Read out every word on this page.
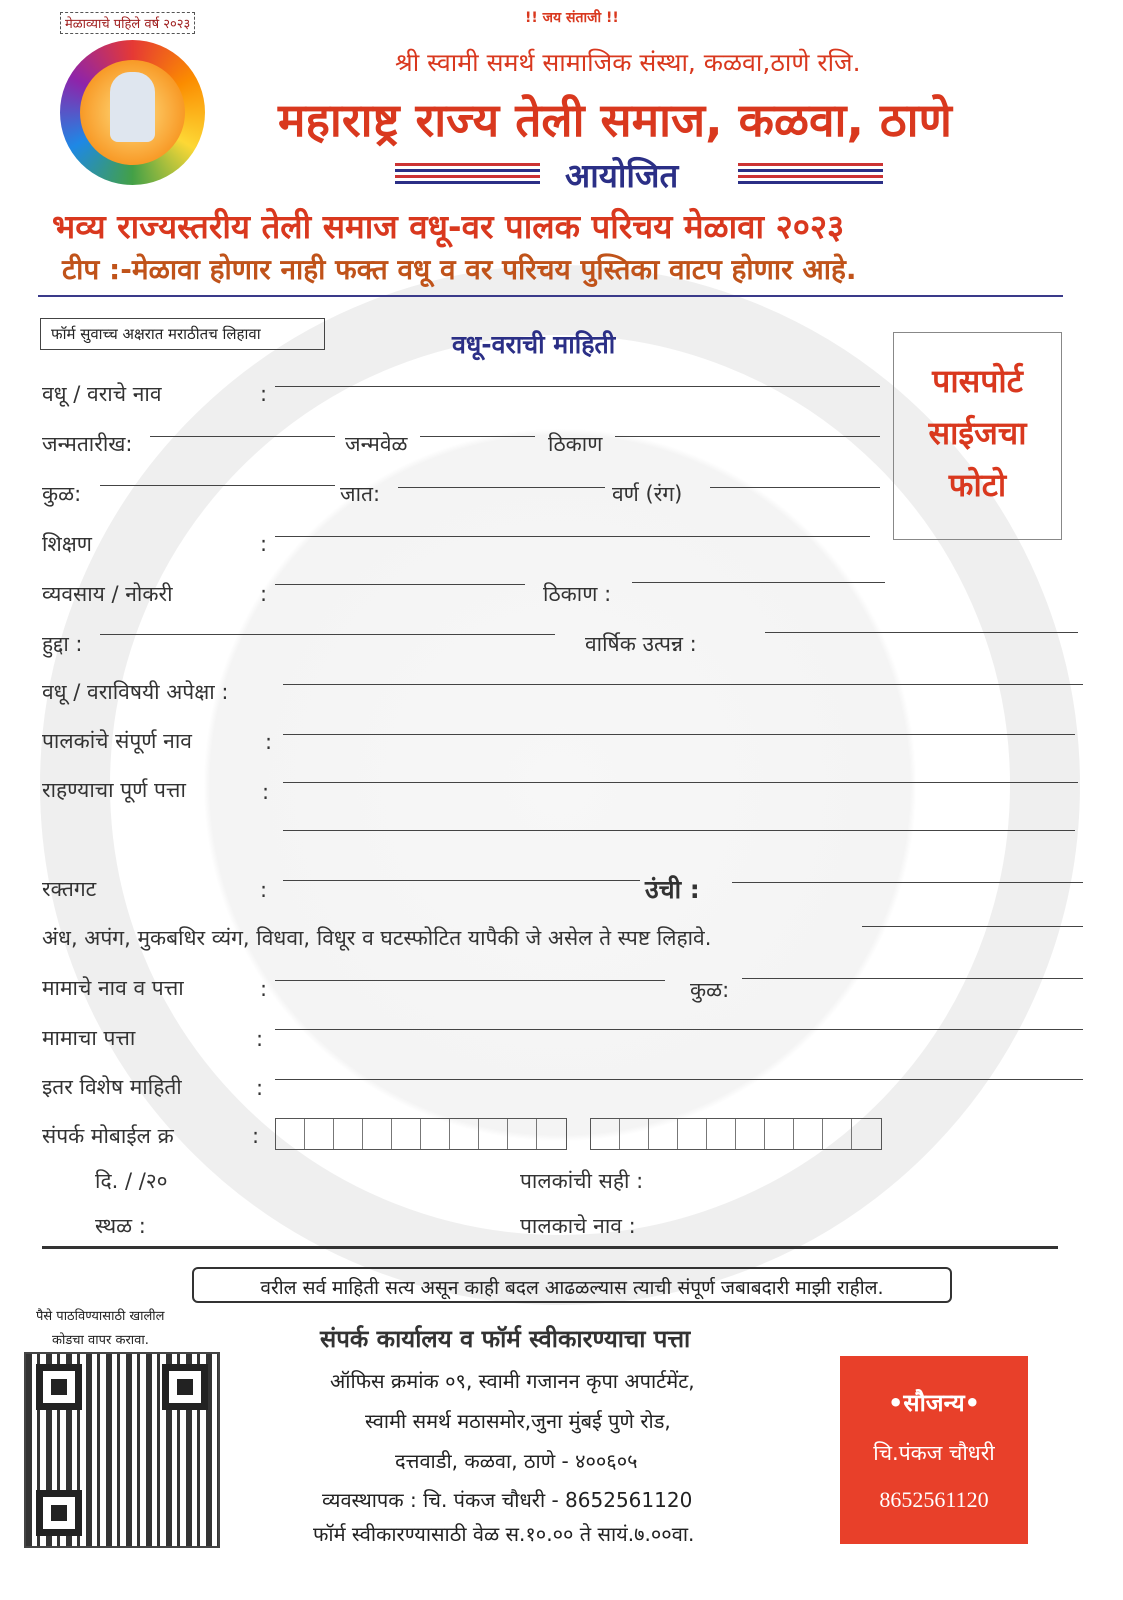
मेळाव्याचे पहिले वर्ष २०२३	!! जय संताजी !!
श्री स्वामी समर्थ सामाजिक संस्था, कळवा,ठाणे रजि.
महाराष्ट्र राज्य तेली समाज, कळवा, ठाणे
आयोजित
भव्य राज्यस्तरीय तेली समाज वधू-वर पालक परिचय मेळावा २०२३
टीप :-मेळावा होणार नाही फक्त वधू व वर परिचय पुस्तिका वाटप होणार आहे.
फॉर्म सुवाच्च अक्षरात मराठीतच लिहावा	वधू-वराची माहिती
पासपोर्ट
साईजचा
फोटो
वधू / वराचे नाव	:
जन्मतारीख:	जन्मवेळ	ठिकाण
कुळ:	जात:	वर्ण (रंग)
शिक्षण	:
व्यवसाय / नोकरी	:	ठिकाण :
हुद्दा :	वार्षिक उत्पन्न :
वधू / वराविषयी अपेक्षा :
पालकांचे संपूर्ण नाव	:
राहण्याचा पूर्ण पत्ता	:
रक्तगट	:	उंची :
अंध, अपंग, मुकबधिर व्यंग, विधवा, विधूर व घटस्फोटित यापैकी जे असेल ते स्पष्ट लिहावे.
मामाचे नाव व पत्ता	:	कुळ:
मामाचा पत्ता	:
इतर विशेष माहिती	:
संपर्क मोबाईल क्र	:
दि. / /२०	पालकांची सही :
स्थळ :	पालकाचे नाव :
वरील सर्व माहिती सत्य असून काही बदल आढळल्यास त्याची संपूर्ण जबाबदारी माझी राहील.
पैसे पाठविण्यासाठी खालील
कोडचा वापर करावा.	संपर्क कार्यालय व फॉर्म स्वीकारण्याचा पत्ता
ऑफिस क्रमांक ०९, स्वामी गजानन कृपा अपार्टमेंट,
स्वामी समर्थ मठासमोर,जुना मुंबई पुणे रोड,
दत्तवाडी, कळवा, ठाणे - ४००६०५
व्यवस्थापक : चि. पंकज चौधरी - 8652561120
फॉर्म स्वीकारण्यासाठी वेळ स.१०.०० ते सायं.७.००वा.
•सौजन्य•
चि.पंकज चौधरी
8652561120
